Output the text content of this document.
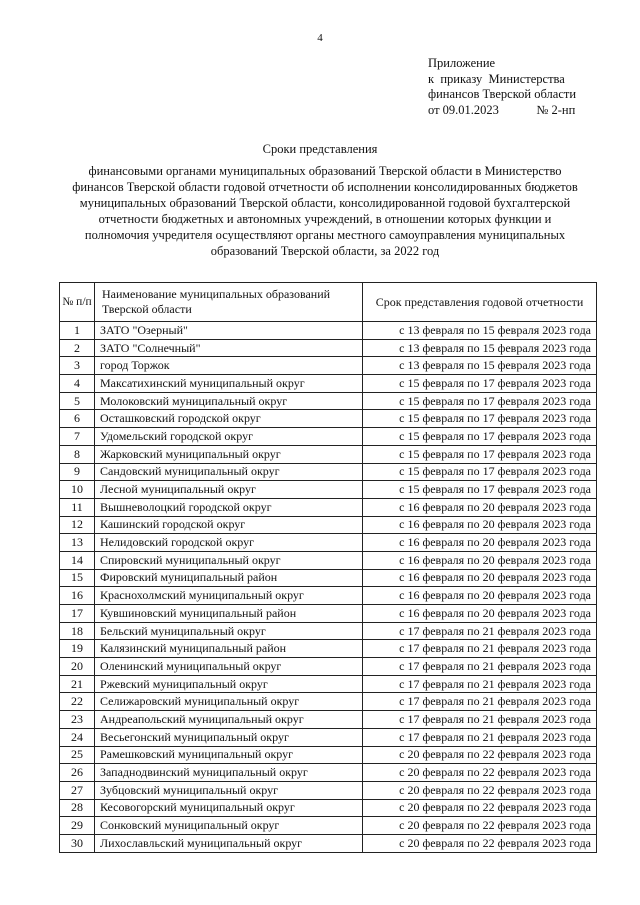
4
Приложение
к  приказу  Министерства
финансов Тверской области
от 09.01.2023            № 2-нп
Сроки представления
финансовыми органами муниципальных образований Тверской области в Министерство
финансов Тверской области годовой отчетности об исполнении консолидированных бюджетов
муниципальных образований Тверской области, консолидированной годовой бухгалтерской
отчетности бюджетных и автономных учреждений, в отношении которых функции и
полномочия учредителя осуществляют органы местного самоуправления муниципальных
образований Тверской области, за 2022 год
№ п/п	Наименование муниципальных образований Тверской области	Срок представления годовой отчетности
1	ЗАТО "Озерный"	с 13 февраля по 15 февраля 2023 года
2	ЗАТО "Солнечный"	с 13 февраля по 15 февраля 2023 года
3	город Торжок	с 13 февраля по 15 февраля 2023 года
4	Максатихинский муниципальный округ	с 15 февраля по 17 февраля 2023 года
5	Молоковский муниципальный округ	с 15 февраля по 17 февраля 2023 года
6	Осташковский городской округ	с 15 февраля по 17 февраля 2023 года
7	Удомельский городской округ	с 15 февраля по 17 февраля 2023 года
8	Жарковский муниципальный округ	с 15 февраля по 17 февраля 2023 года
9	Сандовский муниципальный округ	с 15 февраля по 17 февраля 2023 года
10	Лесной муниципальный округ	с 15 февраля по 17 февраля 2023 года
11	Вышневолоцкий городской округ	с 16 февраля по 20 февраля 2023 года
12	Кашинский городской округ	с 16 февраля по 20 февраля 2023 года
13	Нелидовский городской округ	с 16 февраля по 20 февраля 2023 года
14	Спировский муниципальный округ	с 16 февраля по 20 февраля 2023 года
15	Фировский муниципальный район	с 16 февраля по 20 февраля 2023 года
16	Краснохолмский муниципальный округ	с 16 февраля по 20 февраля 2023 года
17	Кувшиновский муниципальный район	с 16 февраля по 20 февраля 2023 года
18	Бельский муниципальный округ	с 17 февраля по 21 февраля 2023 года
19	Калязинский муниципальный район	с 17 февраля по 21 февраля 2023 года
20	Оленинский муниципальный округ	с 17 февраля по 21 февраля 2023 года
21	Ржевский муниципальный округ	с 17 февраля по 21 февраля 2023 года
22	Селижаровский муниципальный округ	с 17 февраля по 21 февраля 2023 года
23	Андреапольский муниципальный округ	с 17 февраля по 21 февраля 2023 года
24	Весьегонский муниципальный округ	с 17 февраля по 21 февраля 2023 года
25	Рамешковский муниципальный округ	с 20 февраля по 22 февраля 2023 года
26	Западнодвинский муниципальный округ	с 20 февраля по 22 февраля 2023 года
27	Зубцовский муниципальный округ	с 20 февраля по 22 февраля 2023 года
28	Кесовогорский муниципальный округ	с 20 февраля по 22 февраля 2023 года
29	Сонковский муниципальный округ	с 20 февраля по 22 февраля 2023 года
30	Лихославльский муниципальный округ	с 20 февраля по 22 февраля 2023 года
